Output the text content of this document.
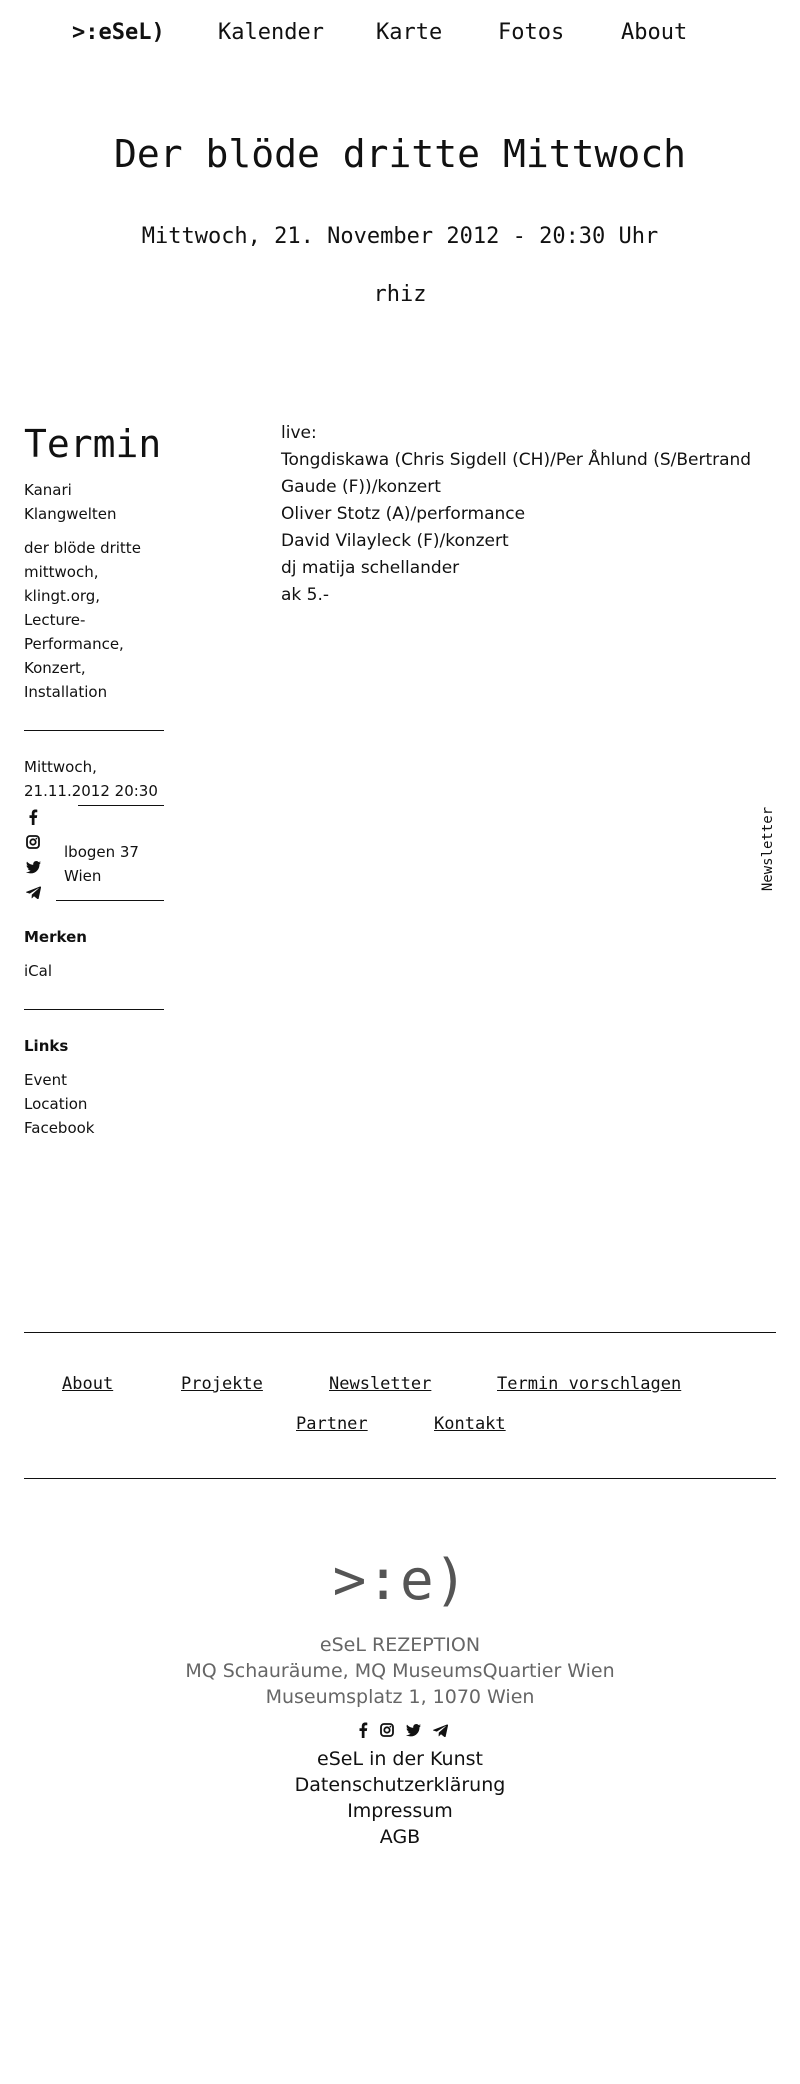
>:eSeL) Kalender Karte	Fotos	About
Der blöde dritte Mittwoch
Mittwoch, 21. November 2012 - 20:30 Uhr
rhiz
Termin

Kanari Klangwelten

der blöde dritte mittwoch, klingt.org, Lecture-Performance, Konzert, Installation

Mittwoch, 21.11.2012 20:30

lbogen 37
Wien

Merken

iCal

Links

Event

Location

Facebook

live:
Tongdiskawa (Chris Sigdell (CH)/Per Åhlund (S/Bertrand Gaude (F))/konzert
Oliver Stotz (A)/performance
David Vilayleck (F)/konzert
dj matija schellander
ak 5.-
Newsletter
About	Projekte	Newsletter	Termin vorschlagen
Partner	Kontakt
>:e)
eSeL REZEPTION
MQ Schauräume, MQ MuseumsQuartier Wien
Museumsplatz 1, 1070 Wien
eSeL in der Kunst
Datenschutzerklärung
Impressum
AGB
